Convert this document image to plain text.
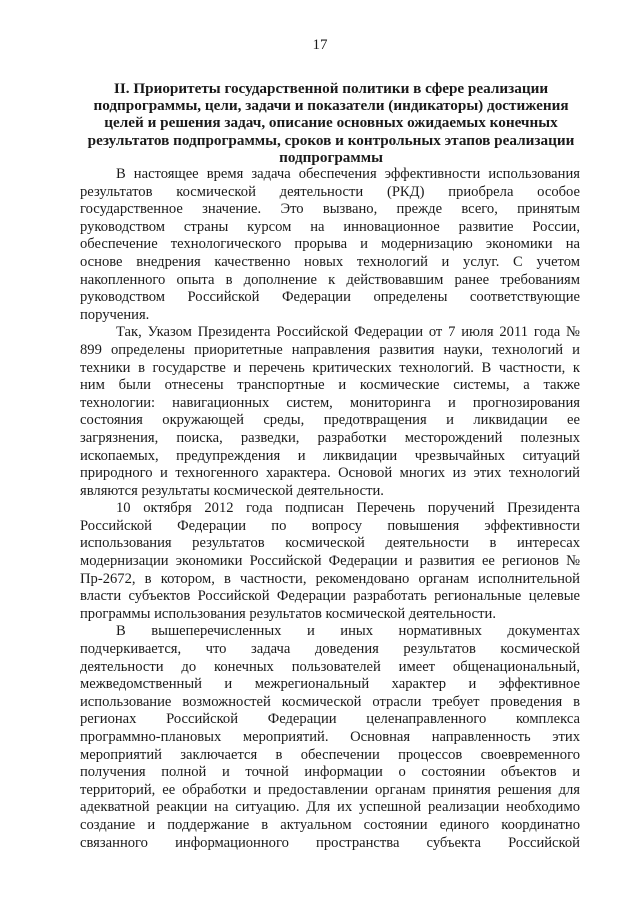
17
II. Приоритеты государственной политики в сфере реализации
подпрограммы, цели, задачи и показатели (индикаторы) достижения
целей и решения задач, описание основных ожидаемых конечных
результатов подпрограммы, сроков и контрольных этапов реализации
подпрограммы
В настоящее время задача обеспечения эффективности использования
результатов космической деятельности (РКД) приобрела особое
государственное значение. Это вызвано, прежде всего, принятым
руководством страны курсом на инновационное развитие России,
обеспечение технологического прорыва и модернизацию экономики на
основе внедрения качественно новых технологий и услуг. С учетом
накопленного опыта в дополнение к действовавшим ранее требованиям
руководством Российской Федерации определены соответствующие
поручения.
Так, Указом Президента Российской Федерации от 7 июля 2011 года №
899 определены приоритетные направления развития науки, технологий и
техники в государстве и перечень критических технологий. В частности, к
ним были отнесены транспортные и космические системы, а также
технологии: навигационных систем, мониторинга и прогнозирования
состояния окружающей среды, предотвращения и ликвидации ее
загрязнения, поиска, разведки, разработки месторождений полезных
ископаемых, предупреждения и ликвидации чрезвычайных ситуаций
природного и техногенного характера. Основой многих из этих технологий
являются результаты космической деятельности.
10 октября 2012 года подписан Перечень поручений Президента
Российской Федерации по вопросу повышения эффективности
использования результатов космической деятельности в интересах
модернизации экономики Российской Федерации и развития ее регионов №
Пр-2672, в котором, в частности, рекомендовано органам исполнительной
власти субъектов Российской Федерации разработать региональные целевые
программы использования результатов космической деятельности.
В вышеперечисленных и иных нормативных документах
подчеркивается, что задача доведения результатов космической
деятельности до конечных пользователей имеет общенациональный,
межведомственный и межрегиональный характер и эффективное
использование возможностей космической отрасли требует проведения в
регионах Российской Федерации целенаправленного комплекса
программно-плановых мероприятий. Основная направленность этих
мероприятий заключается в обеспечении процессов своевременного
получения полной и точной информации о состоянии объектов и
территорий, ее обработки и предоставлении органам принятия решения для
адекватной реакции на ситуацию. Для их успешной реализации необходимо
создание и поддержание в актуальном состоянии единого координатно
связанного информационного пространства субъекта Российской
